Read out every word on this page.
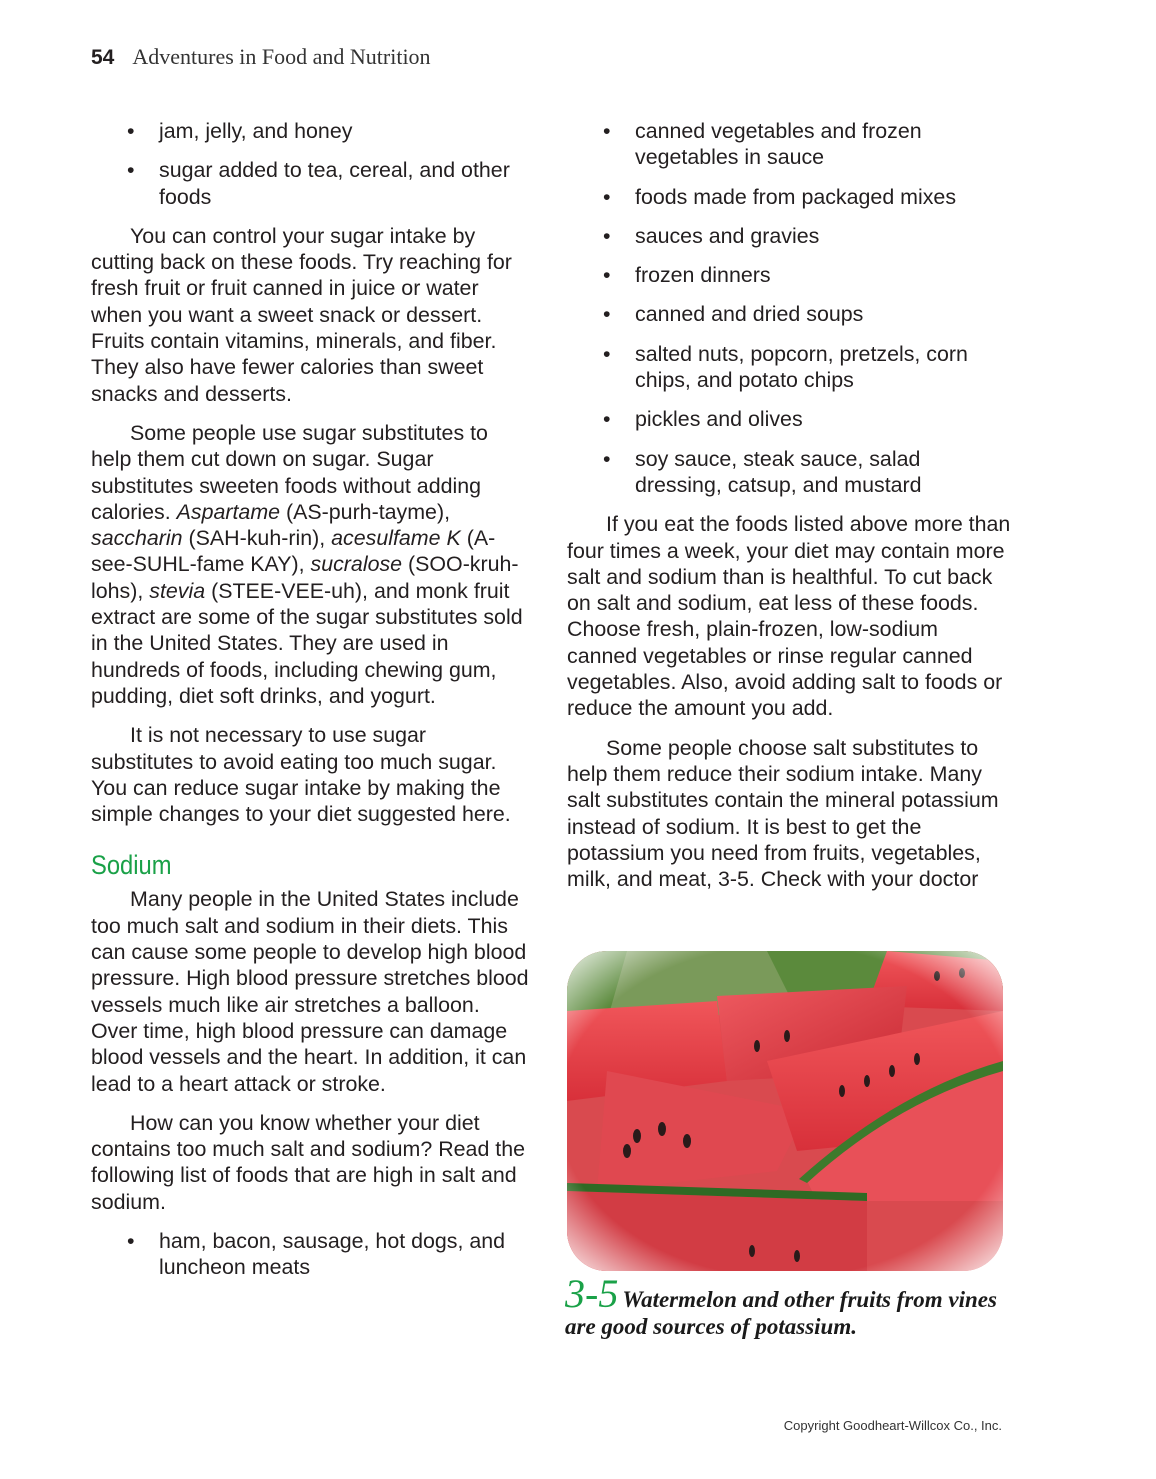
54 Adventures in Food and Nutrition
• jam, jelly, and honey
• sugar added to tea, cereal, and other foods

You can control your sugar intake by cutting back on these foods. Try reaching for fresh fruit or fruit canned in juice or water when you want a sweet snack or dessert. Fruits contain vitamins, minerals, and fiber. They also have fewer calories than sweet snacks and desserts.

Some people use sugar substitutes to help them cut down on sugar. Sugar substitutes sweeten foods without adding calories. Aspartame (AS-purh-tayme), saccharin (SAH-kuh-rin), acesulfame K (A-see-SUHL-fame KAY), sucralose (SOO-kruh-lohs), stevia (STEE-VEE-uh), and monk fruit extract are some of the sugar substitutes sold in the United States. They are used in hundreds of foods, including chewing gum, pudding, diet soft drinks, and yogurt.

It is not necessary to use sugar substitutes to avoid eating too much sugar. You can reduce sugar intake by making the simple changes to your diet suggested here.

Sodium

Many people in the United States include too much salt and sodium in their diets. This can cause some people to develop high blood pressure. High blood pressure stretches blood vessels much like air stretches a balloon. Over time, high blood pressure can damage blood vessels and the heart. In addition, it can lead to a heart attack or stroke.

How can you know whether your diet contains too much salt and sodium? Read the following list of foods that are high in salt and sodium.

• ham, bacon, sausage, hot dogs, and luncheon meats
• canned vegetables and frozen vegetables in sauce
• foods made from packaged mixes
• sauces and gravies
• frozen dinners
• canned and dried soups
• salted nuts, popcorn, pretzels, corn chips, and potato chips
• pickles and olives
• soy sauce, steak sauce, salad dressing, catsup, and mustard

If you eat the foods listed above more than four times a week, your diet may contain more salt and sodium than is healthful. To cut back on salt and sodium, eat less of these foods. Choose fresh, plain-frozen, low-sodium canned vegetables or rinse regular canned vegetables. Also, avoid adding salt to foods or reduce the amount you add.

Some people choose salt substitutes to help them reduce their sodium intake. Many salt substitutes contain the mineral potassium instead of sodium. It is best to get the potassium you need from fruits, vegetables, milk, and meat, 3-5. Check with your doctor

3-5 Watermelon and other fruits from vines are good sources of potassium.
Copyright Goodheart-Willcox Co., Inc.
